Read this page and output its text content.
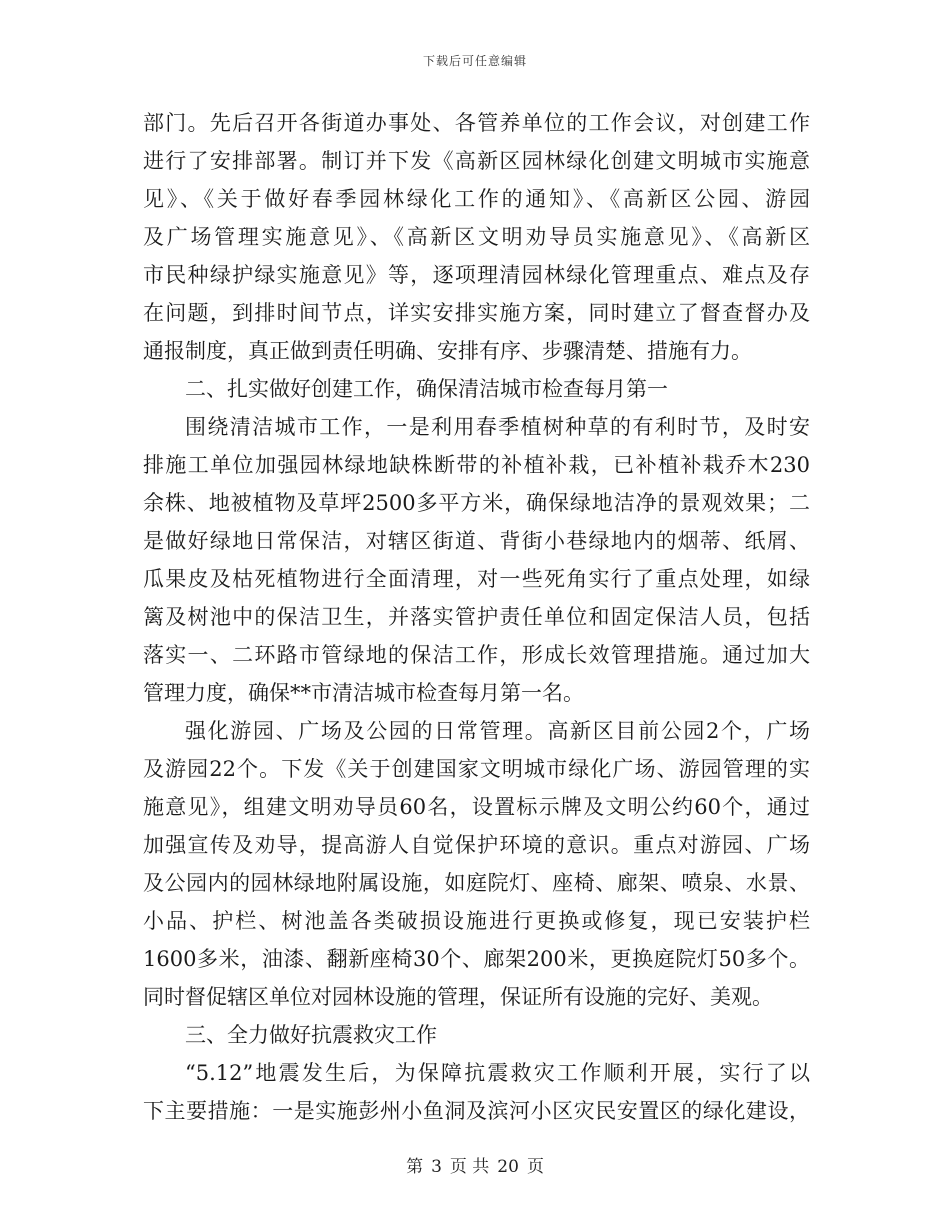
下载后可任意编辑
部门。先后召开各街道办事处、各管养单位的工作会议，对创建工作
进行了安排部署。制订并下发《高新区园林绿化创建文明城市实施意
见》、《关于做好春季园林绿化工作的通知》、《高新区公园、游园
及广场管理实施意见》、《高新区文明劝导员实施意见》、《高新区
市民种绿护绿实施意见》等，逐项理清园林绿化管理重点、难点及存
在问题，到排时间节点，详实安排实施方案，同时建立了督查督办及
通报制度，真正做到责任明确、安排有序、步骤清楚、措施有力。
二、扎实做好创建工作，确保清洁城市检查每月第一
围绕清洁城市工作，一是利用春季植树种草的有利时节，及时安
排施工单位加强园林绿地缺株断带的补植补栽，已补植补栽乔木230
余株、地被植物及草坪2500多平方米，确保绿地洁净的景观效果；二
是做好绿地日常保洁，对辖区街道、背街小巷绿地内的烟蒂、纸屑、
瓜果皮及枯死植物进行全面清理，对一些死角实行了重点处理，如绿
篱及树池中的保洁卫生，并落实管护责任单位和固定保洁人员，包括
落实一、二环路市管绿地的保洁工作，形成长效管理措施。通过加大
管理力度，确保**市清洁城市检查每月第一名。
强化游园、广场及公园的日常管理。高新区目前公园2个，广场
及游园22个。下发《关于创建国家文明城市绿化广场、游园管理的实
施意见》，组建文明劝导员60名，设置标示牌及文明公约60个，通过
加强宣传及劝导，提高游人自觉保护环境的意识。重点对游园、广场
及公园内的园林绿地附属设施，如庭院灯、座椅、廊架、喷泉、水景、
小品、护栏、树池盖各类破损设施进行更换或修复，现已安装护栏
1600多米，油漆、翻新座椅30个、廊架200米，更换庭院灯50多个。
同时督促辖区单位对园林设施的管理，保证所有设施的完好、美观。
三、全力做好抗震救灾工作
“5.12”地震发生后，为保障抗震救灾工作顺利开展，实行了以
下主要措施：一是实施彭州小鱼洞及滨河小区灾民安置区的绿化建设，
第 3 页 共 20 页
